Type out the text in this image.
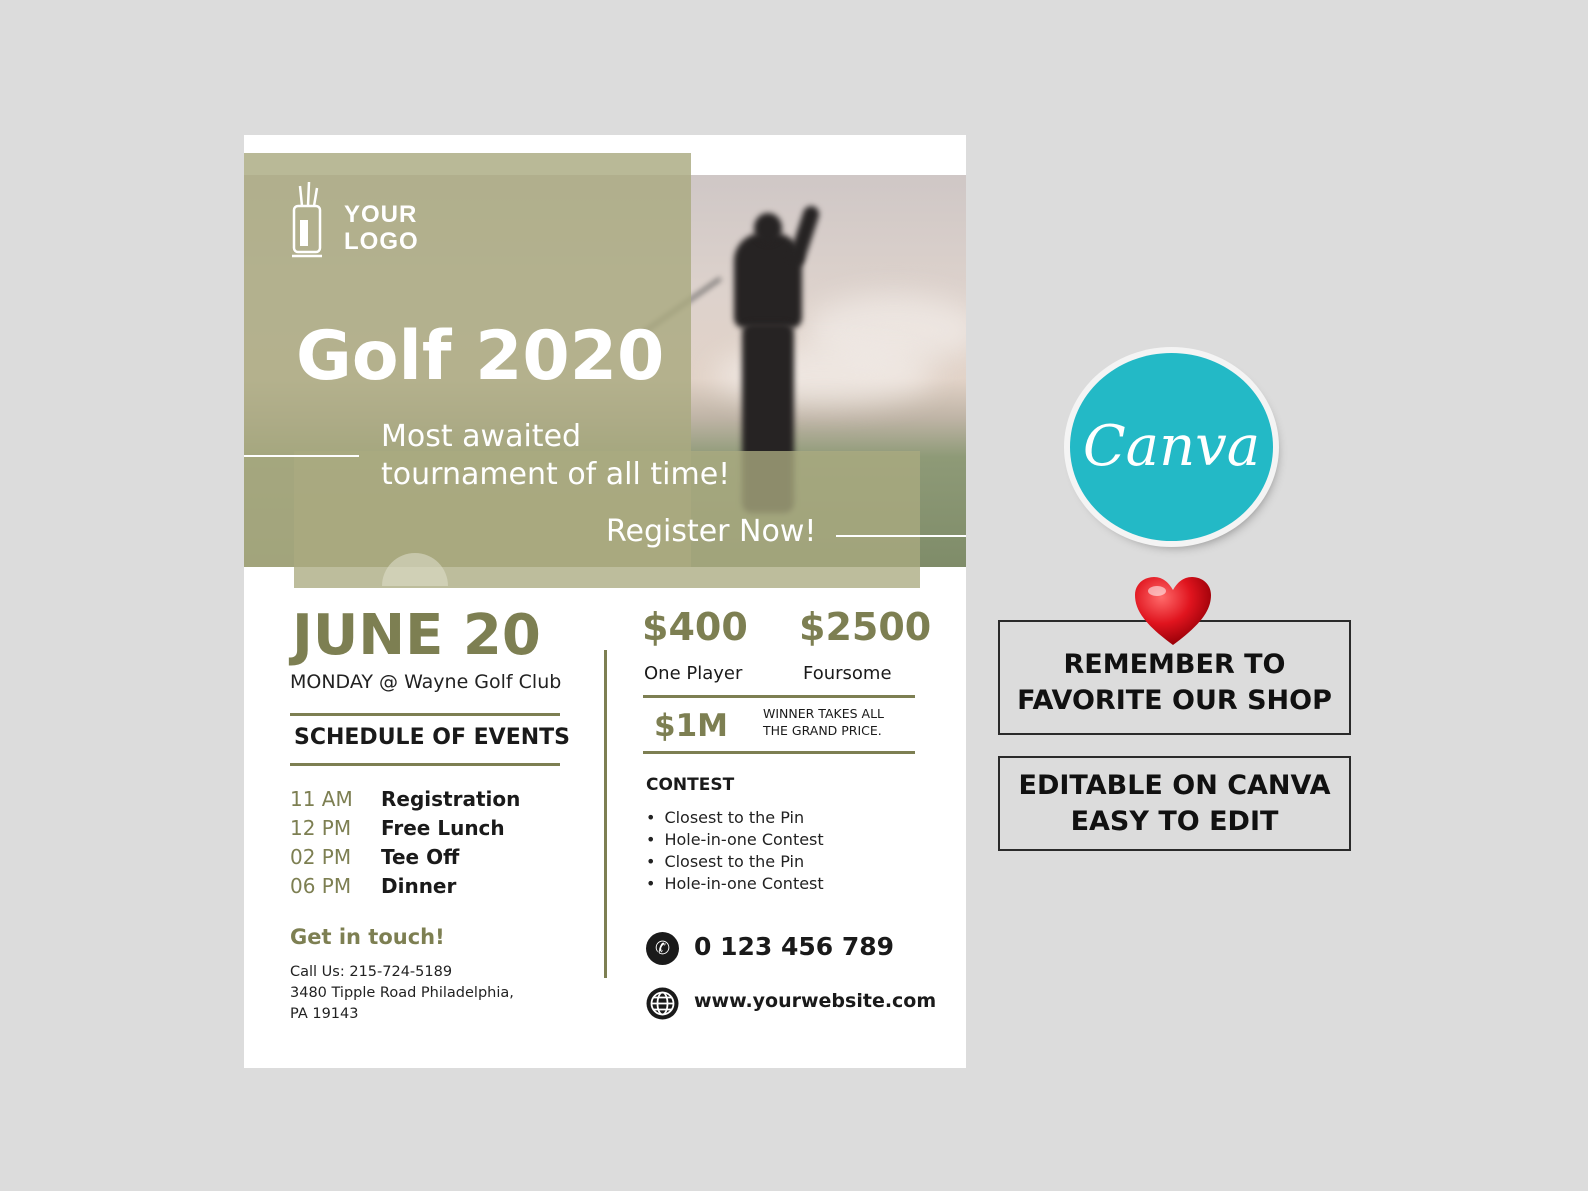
YOUR
LOGO
Golf 2020
Most awaited
tournament of all time!
Register Now!
JUNE 20
MONDAY @ Wayne Golf Club
SCHEDULE OF EVENTS
11 AM Registration
12 PM Free Lunch
02 PM Tee Off
06 PM Dinner
Get in touch!
Call Us: 215-724-5189
3480 Tipple Road Philadelphia,
PA 19143
$400
One Player
$2500
Foursome
$1M	WINNER TAKES ALL
THE GRAND PRICE.
CONTEST
• Closest to the Pin
• Hole-in-one Contest
• Closest to the Pin
• Hole-in-one Contest
✆ 0 123 456 789
www.yourwebsite.com
Canva
REMEMBER TO
FAVORITE OUR SHOP
EDITABLE ON CANVA
EASY TO EDIT
